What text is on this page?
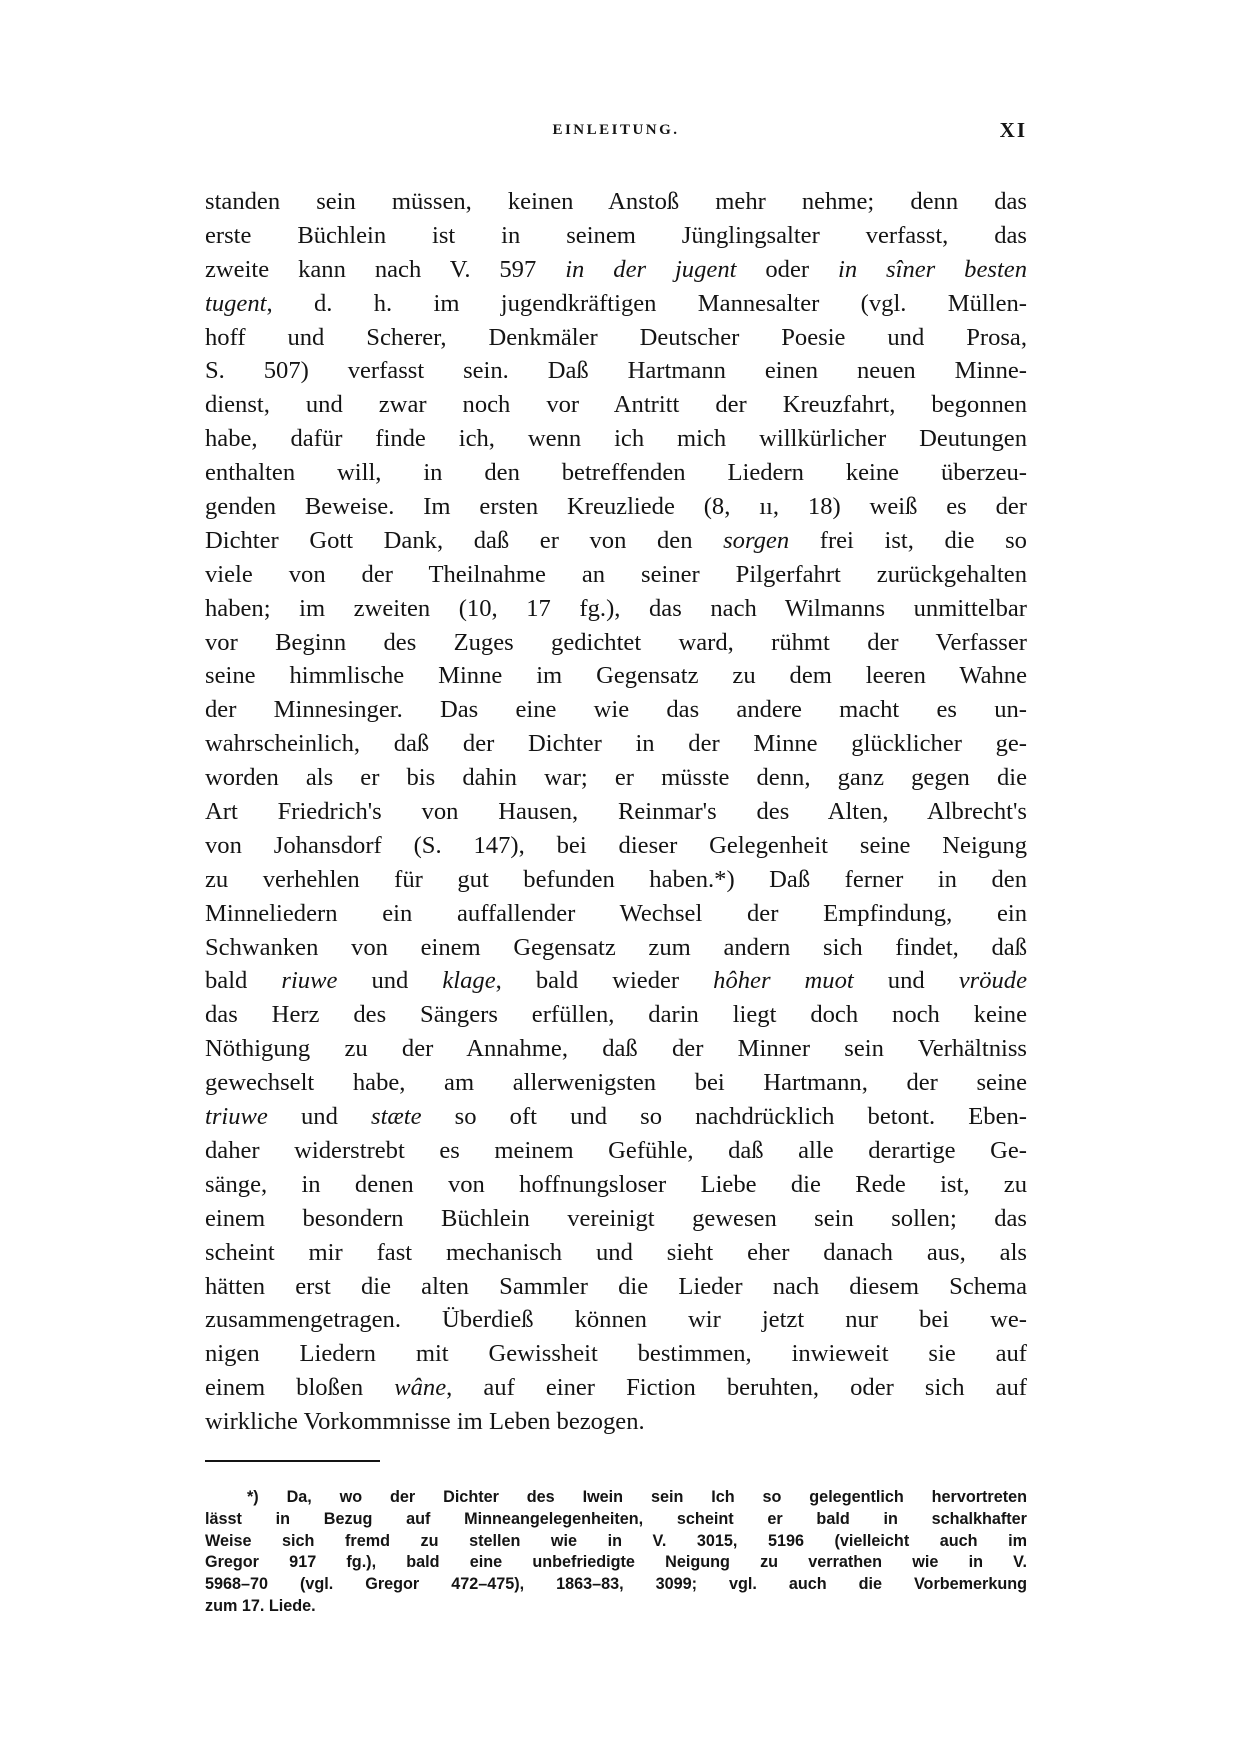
EINLEITUNG.	XI
standen sein müssen, keinen Anstoß mehr nehme; denn das
erste Büchlein ist in seinem Jünglingsalter verfasst, das
zweite kann nach V. 597 in der jugent oder in sîner besten
tugent, d. h. im jugendkräftigen Mannesalter (vgl. Müllen-
hoff und Scherer, Denkmäler Deutscher Poesie und Prosa,
S. 507) verfasst sein. Daß Hartmann einen neuen Minne-
dienst, und zwar noch vor Antritt der Kreuzfahrt, begonnen
habe, dafür finde ich, wenn ich mich willkürlicher Deutungen
enthalten will, in den betreffenden Liedern keine überzeu-
genden Beweise. Im ersten Kreuzliede (8, ıı, 18) weiß es der
Dichter Gott Dank, daß er von den sorgen frei ist, die so
viele von der Theilnahme an seiner Pilgerfahrt zurückgehalten
haben; im zweiten (10, 17 fg.), das nach Wilmanns unmittelbar
vor Beginn des Zuges gedichtet ward, rühmt der Verfasser
seine himmlische Minne im Gegensatz zu dem leeren Wahne
der Minnesinger. Das eine wie das andere macht es un-
wahrscheinlich, daß der Dichter in der Minne glücklicher ge-
worden als er bis dahin war; er müsste denn, ganz gegen die
Art Friedrich's von Hausen, Reinmar's des Alten, Albrecht's
von Johansdorf (S. 147), bei dieser Gelegenheit seine Neigung
zu verhehlen für gut befunden haben.*) Daß ferner in den
Minneliedern ein auffallender Wechsel der Empfindung, ein
Schwanken von einem Gegensatz zum andern sich findet, daß
bald riuwe und klage, bald wieder hôher muot und vröude
das Herz des Sängers erfüllen, darin liegt doch noch keine
Nöthigung zu der Annahme, daß der Minner sein Verhältniss
gewechselt habe, am allerwenigsten bei Hartmann, der seine
triuwe und stæte so oft und so nachdrücklich betont. Eben-
daher widerstrebt es meinem Gefühle, daß alle derartige Ge-
sänge, in denen von hoffnungsloser Liebe die Rede ist, zu
einem besondern Büchlein vereinigt gewesen sein sollen; das
scheint mir fast mechanisch und sieht eher danach aus, als
hätten erst die alten Sammler die Lieder nach diesem Schema
zusammengetragen. Überdieß können wir jetzt nur bei we-
nigen Liedern mit Gewissheit bestimmen, inwieweit sie auf
einem bloßen wâne, auf einer Fiction beruhten, oder sich auf
wirkliche Vorkommnisse im Leben bezogen.
*) Da, wo der Dichter des Iwein sein Ich so gelegentlich hervortreten
lässt in Bezug auf Minneangelegenheiten, scheint er bald in schalkhafter
Weise sich fremd zu stellen wie in V. 3015, 5196 (vielleicht auch im
Gregor 917 fg.), bald eine unbefriedigte Neigung zu verrathen wie in V.
5968–70 (vgl. Gregor 472–475), 1863–83, 3099; vgl. auch die Vorbemerkung
zum 17. Liede.
